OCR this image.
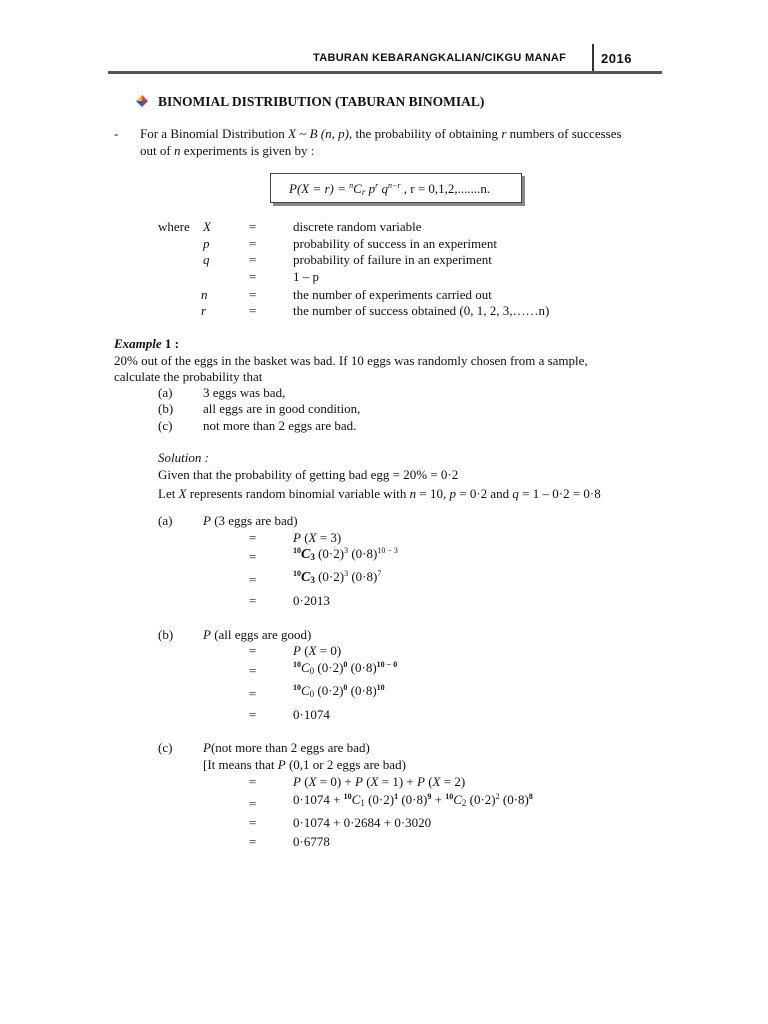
TABURAN KEBARANGKALIAN/CIKGU MANAF	2016
BINOMIAL DISTRIBUTION (TABURAN BINOMIAL)
- For a Binomial Distribution X ~ B (n, p), the probability of obtaining r numbers of successes
out of n experiments is given by :
$P(X = r) = ^nC_r$ $p^r$ $q^{n-r}$ , r = 0,1,2,.......n.
where X	=	discrete random variable
p	=	probability of success in an experiment
q	=	probability of failure in an experiment
=	1 – p
n	=	the number of experiments carried out
r	=	the number of success obtained (0, 1, 2, 3,……n)
Example 1 :
20% out of the eggs in the basket was bad. If 10 eggs was randomly chosen from a sample,
calculate the probability that
(a) 3 eggs was bad,
(b) all eggs are in good condition,
(c) not more than 2 eggs are bad.
Solution :
Given that the probability of getting bad egg = 20% = 0·2
Let X represents random binomial variable with n = 10, p = 0·2 and q = 1 – 0·2 = 0·8
(a) P (3 eggs are bad)
=	P (X = 3)
=	$^{10}C_3$ $(0\cdot 2)^3$ $(0\cdot 8)^{10 - 3}$
=	$^{10}C_3$ $(0\cdot 2)^3$ $(0\cdot 8)^7$
=	0·2013
(b) P (all eggs are good)
=	P (X = 0)
=	$^{10}C_0$ $(0\cdot 2)^0$ $(0\cdot 8)^{10 - 0}$
=	$^{10}C_0$ $(0\cdot 2)^0$ $(0\cdot 8)^{10}$
=	0·1074
(c) P(not more than 2 eggs are bad)
[It means that P (0,1 or 2 eggs are bad)
=	P (X = 0) + P (X = 1) + P (X = 2)
=	$0\cdot 1074 + ^{10}C_1$ $(0\cdot 2)^1$ $(0\cdot 8)^9 + ^{10}C_2$ $(0\cdot 2)^2$ $(0\cdot 8)^8$
=	0·1074 + 0·2684 + 0·3020
=	0·6778
